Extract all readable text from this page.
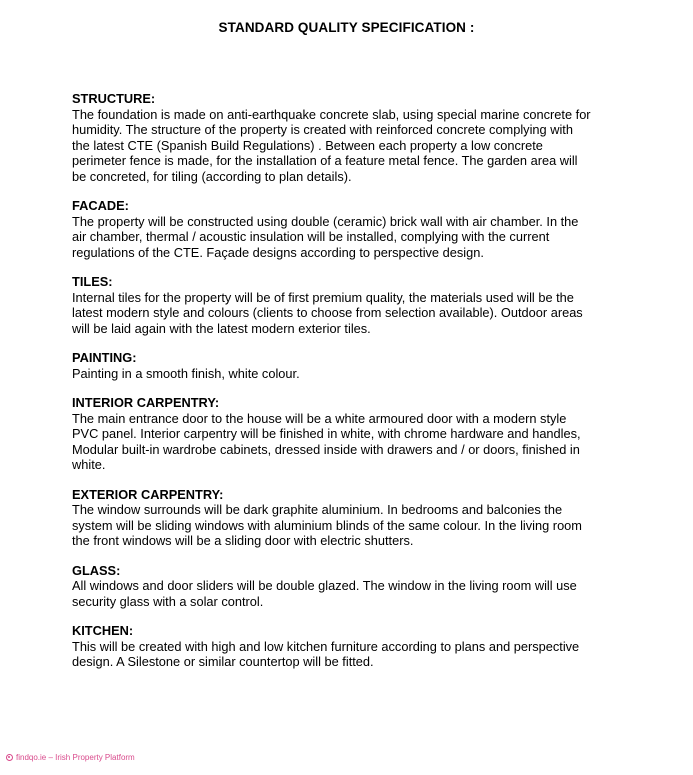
STANDARD QUALITY SPECIFICATION :

STRUCTURE:

The foundation is made on anti-earthquake concrete slab, using special marine concrete for humidity. The structure of the property is created with reinforced concrete complying with the latest CTE (Spanish Build Regulations) . Between each property a low concrete perimeter fence is made, for the installation of a feature metal fence. The garden area will be concreted, for tiling (according to plan details).

FACADE:

The property will be constructed using double (ceramic) brick wall with air chamber. In the air chamber, thermal / acoustic insulation will be installed, complying with the current regulations of the CTE. Façade designs according to perspective design.

TILES:

Internal tiles for the property will be of first premium quality, the materials used will be the latest modern style and colours (clients to choose from selection available). Outdoor areas will be laid again with the latest modern exterior tiles.

PAINTING:

Painting in a smooth finish, white colour.

INTERIOR CARPENTRY:

The main entrance door to the house will be a white armoured door with a modern style PVC panel. Interior carpentry will be finished in white, with chrome hardware and handles, Modular built-in wardrobe cabinets, dressed inside with drawers and / or doors, finished in white.

EXTERIOR CARPENTRY:

The window surrounds will be dark graphite aluminium. In bedrooms and balconies the system will be sliding windows with aluminium blinds of the same colour. In the living room the front windows will be a sliding door with electric shutters.

GLASS:

All windows and door sliders will be double glazed. The window in the living room will use security glass with a solar control.

KITCHEN:

This will be created with high and low kitchen furniture according to plans and perspective design. A Silestone or similar countertop will be fitted.

findqo.ie – Irish Property Platform
